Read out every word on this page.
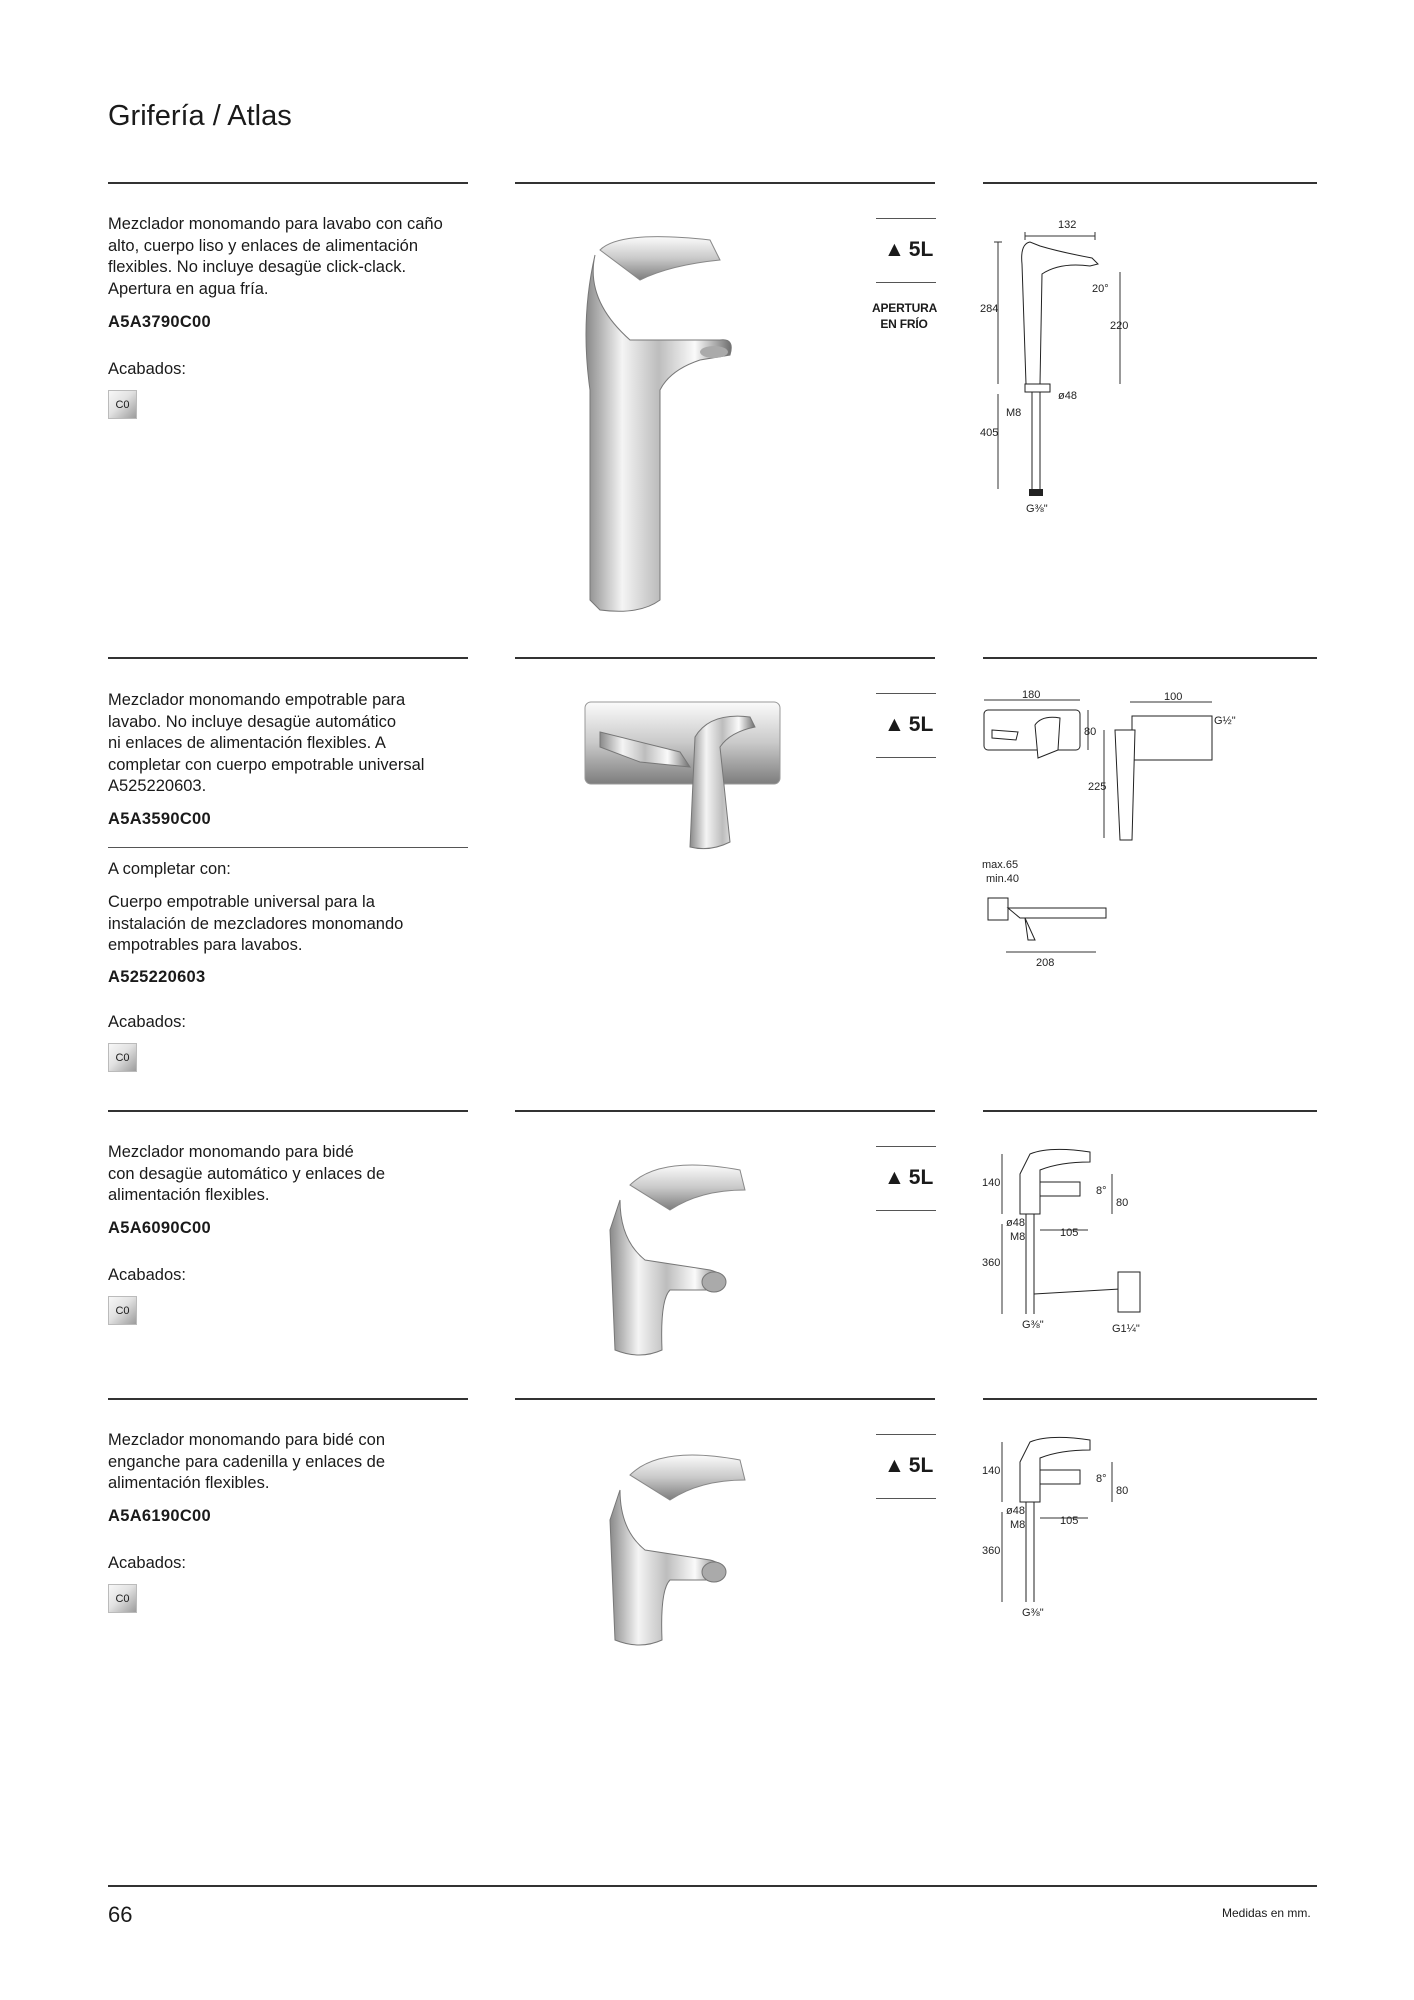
Grifería / Atlas
Mezclador monomando para lavabo con caño
alto, cuerpo liso y enlaces de alimentación
flexibles. No incluye desagüe click-clack.
Apertura en agua fría.
A5A3790C00
Acabados:
C0
▲ 5L
APERTURA
EN FRÍO
132
284
220
20°
ø48
M8
405
G⅜"
Mezclador monomando empotrable para
lavabo. No incluye desagüe automático
ni enlaces de alimentación flexibles. A
completar con cuerpo empotrable universal
A525220603.
A5A3590C00
A completar con:
Cuerpo empotrable universal para la
instalación de mezcladores monomando
empotrables para lavabos.
A525220603
Acabados:
C0
▲ 5L
180
80
100
G½"
225
max.65
min.40
208
Mezclador monomando para bidé
con desagüe automático y enlaces de
alimentación flexibles.
A5A6090C00
Acabados:
C0
▲ 5L	140
8°
80
ø48
105
M8
360
G⅜"	G1¼"
Mezclador monomando para bidé con
enganche para cadenilla y enlaces de
alimentación flexibles.
A5A6190C00
Acabados:
C0
▲ 5L	140
8°
80
ø48
105
M8
360
G⅜"
66	Medidas en mm.
